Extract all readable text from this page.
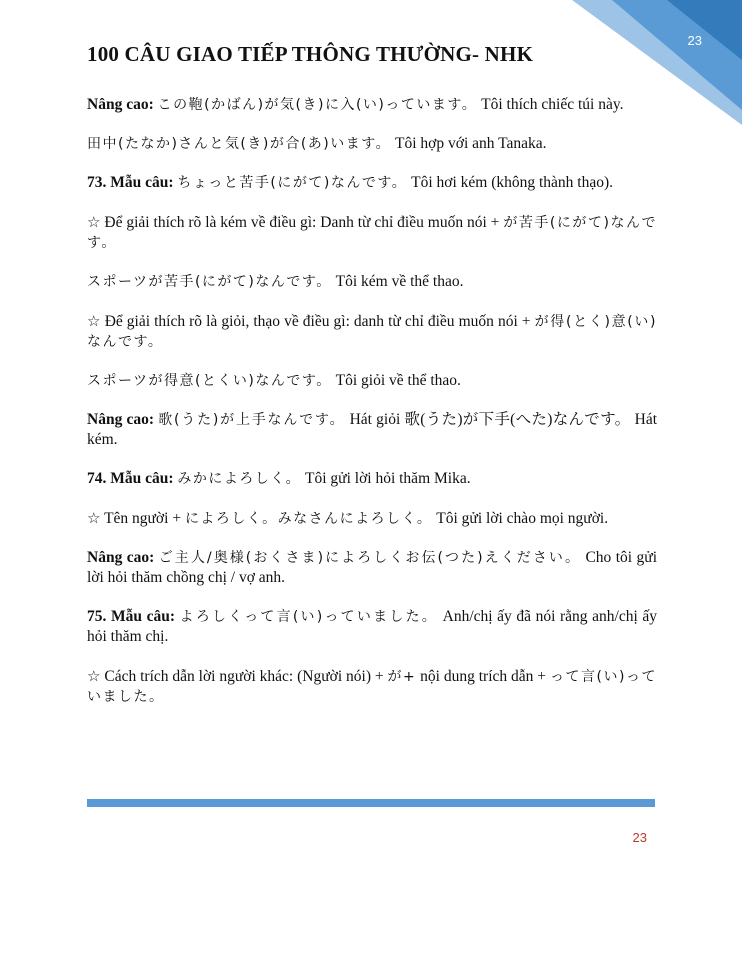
23
100 CÂU GIAO TIẾP THÔNG THƯỜNG- NHK

Nâng cao: この鞄(かばん)が気(き)に入(い)っています。 Tôi thích chiếc túi này.

田中(たなか)さんと気(き)が合(あ)います。 Tôi hợp với anh Tanaka.

73. Mẫu câu: ちょっと苦手(にがて)なんです。 Tôi hơi kém (không thành thạo).

☆ Để giải thích rõ là kém về điều gì: Danh từ chỉ điều muốn nói + が苦手(にがて)なんです。

スポーツが苦手(にがて)なんです。 Tôi kém về thể thao.

☆ Để giải thích rõ là giỏi, thạo về điều gì: danh từ chỉ điều muốn nói + が得(とく)意(い)なんです。

スポーツが得意(とくい)なんです。 Tôi giỏi về thể thao.

Nâng cao: 歌(うた)が上手なんです。 Hát giỏi 歌(うた)が下手(へた)なんです。 Hát kém.

74. Mẫu câu: みかによろしく。 Tôi gửi lời hỏi thăm Mika.

☆ Tên người + によろしく。みなさんによろしく。 Tôi gửi lời chào mọi người.

Nâng cao: ご主人/奥様(おくさま)によろしくお伝(つた)えください。 Cho tôi gửi lời hỏi thăm chồng chị / vợ anh.

75. Mẫu câu: よろしくって言(い)っていました。 Anh/chị ấy đã nói rằng anh/chị ấy hỏi thăm chị.

☆ Cách trích dẫn lời người khác: (Người nói) + が+ nội dung trích dẫn + って言(い)っていました。

23
